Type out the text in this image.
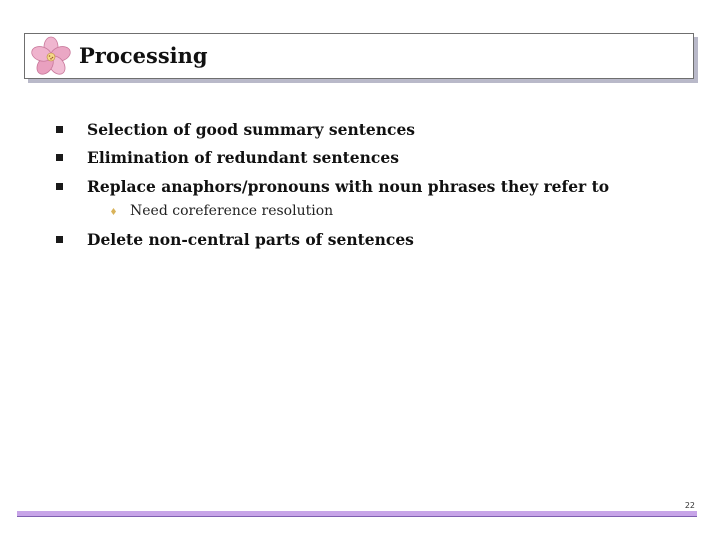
Processing
Selection of good summary sentences
Elimination of redundant sentences
Replace anaphors/pronouns with noun phrases they refer to
Need coreference resolution
Delete non-central parts of sentences
22
